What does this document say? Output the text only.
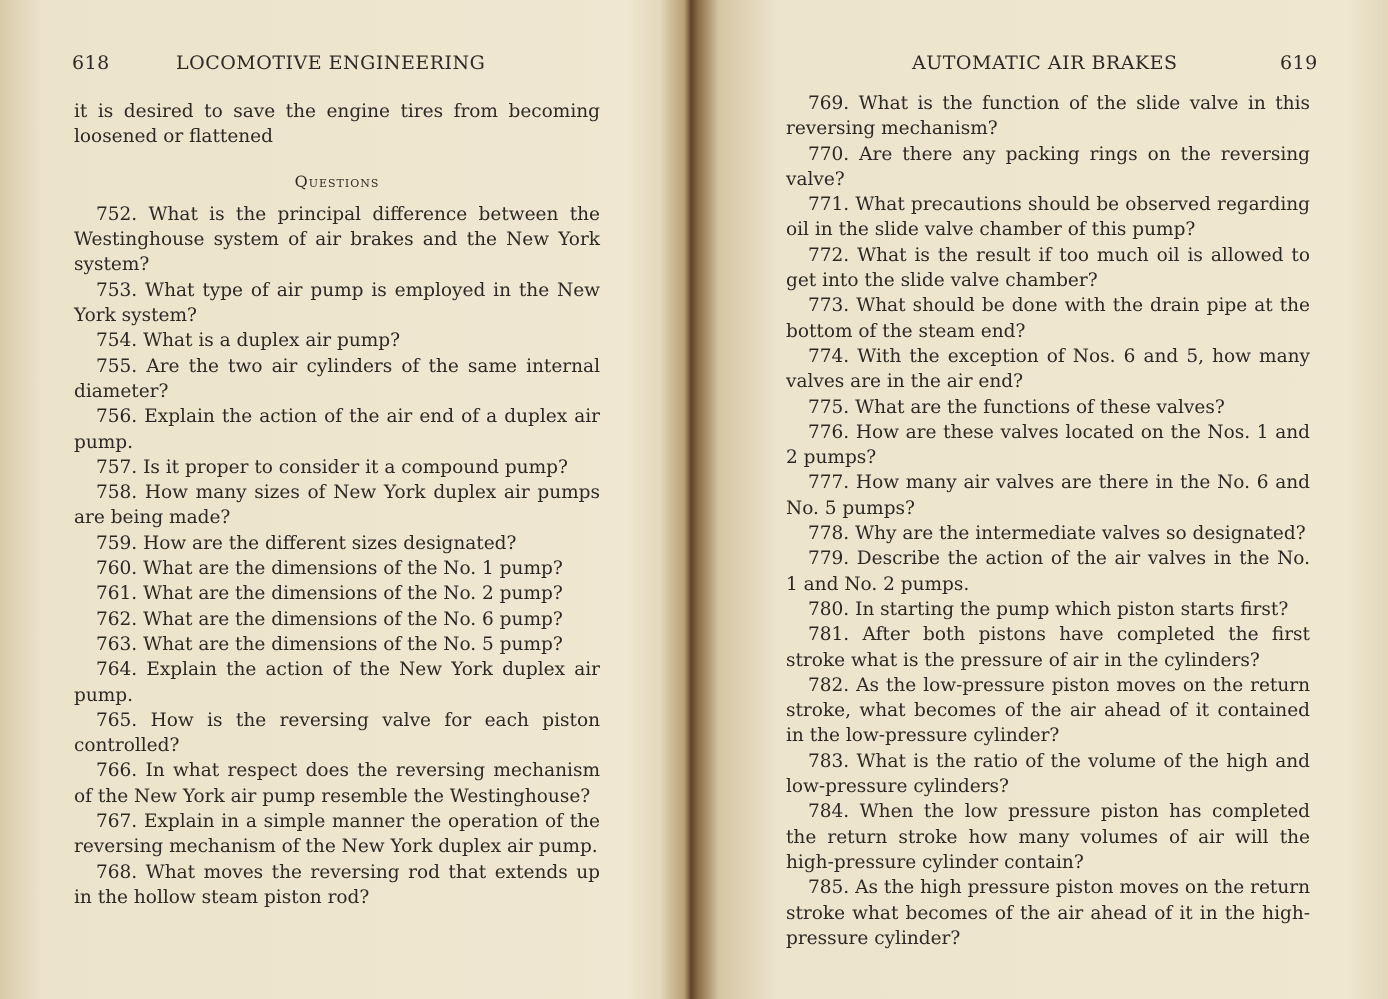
618	LOCOMOTIVE ENGINEERING

it is desired to save the engine tires from becoming loosened or flattened

Questions

752. What is the principal difference between the Westinghouse system of air brakes and the New York system?

753. What type of air pump is employed in the New York system?

754. What is a duplex air pump?

755. Are the two air cylinders of the same internal diameter?

756. Explain the action of the air end of a duplex air pump.

757. Is it proper to consider it a compound pump?

758. How many sizes of New York duplex air pumps are being made?

759. How are the different sizes designated?

760. What are the dimensions of the No. 1 pump?

761. What are the dimensions of the No. 2 pump?

762. What are the dimensions of the No. 6 pump?

763. What are the dimensions of the No. 5 pump?

764. Explain the action of the New York duplex air pump.

765. How is the reversing valve for each piston controlled?

766. In what respect does the reversing mechanism of the New York air pump resemble the Westinghouse?

767. Explain in a simple manner the operation of the reversing mechanism of the New York duplex air pump.

768. What moves the reversing rod that extends up in the hollow steam piston rod?

AUTOMATIC AIR BRAKES	619

769. What is the function of the slide valve in this reversing mechanism?

770. Are there any packing rings on the reversing valve?

771. What precautions should be observed regarding oil in the slide valve chamber of this pump?

772. What is the result if too much oil is allowed to get into the slide valve chamber?

773. What should be done with the drain pipe at the bottom of the steam end?

774. With the exception of Nos. 6 and 5, how many valves are in the air end?

775. What are the functions of these valves?

776. How are these valves located on the Nos. 1 and 2 pumps?

777. How many air valves are there in the No. 6 and No. 5 pumps?

778. Why are the intermediate valves so designated?

779. Describe the action of the air valves in the No. 1 and No. 2 pumps.

780. In starting the pump which piston starts first?

781. After both pistons have completed the first stroke what is the pressure of air in the cylinders?

782. As the low-pressure piston moves on the return stroke, what becomes of the air ahead of it contained in the low-pressure cylinder?

783. What is the ratio of the volume of the high and low-pressure cylinders?

784. When the low pressure piston has completed the return stroke how many volumes of air will the high-pressure cylinder contain?

785. As the high pressure piston moves on the return stroke what becomes of the air ahead of it in the high-pressure cylinder?
